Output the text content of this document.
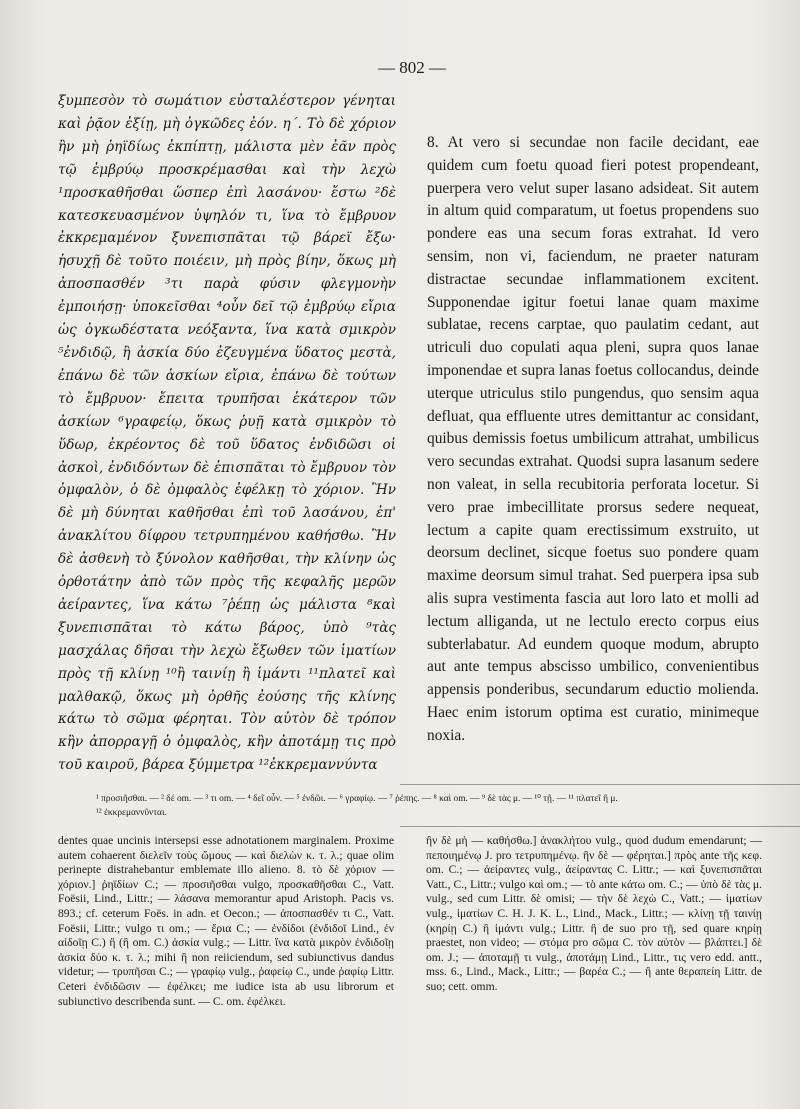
— 802 —

ξυμπεσὸν τὸ σωμάτιον εὐσταλέστερον γένηται καὶ ῥᾷον ἐξίῃ, μὴ ὀγκῶδες ἐόν. η΄. Τὸ δὲ χόριον ἢν μὴ ῥηϊδίως ἐκπίπτῃ, μάλιστα μὲν ἐᾶν πρὸς τῷ ἐμβρύῳ προσκρέμασθαι καὶ τὴν λεχὼ ¹προσκαθῆσθαι ὥσπερ ἐπὶ λασάνου· ἔστω ²δὲ κατεσκευασμένον ὑψηλόν τι, ἵνα τὸ ἔμβρυον ἐκκρεμαμένον ξυνεπισπᾶται τῷ βάρεϊ ἔξω· ἡσυχῇ δὲ τοῦτο ποιέειν, μὴ πρὸς βίην, ὅκως μὴ ἀποσπασθέν ³τι παρὰ φύσιν φλεγμονὴν ἐμποιήσῃ· ὑποκεῖσθαι ⁴οὖν δεῖ τῷ ἐμβρύῳ εἴρια ὡς ὀγκωδέστατα νεόξαντα, ἵνα κατὰ σμικρὸν ⁵ἐνδιδῷ, ἢ ἀσκία δύο ἐζευγμένα ὕδατος μεστὰ, ἐπάνω δὲ τῶν ἀσκίων εἴρια, ἐπάνω δὲ τούτων τὸ ἔμβρυον· ἔπειτα τρυπῆσαι ἑκάτερον τῶν ἀσκίων ⁶γραφείῳ, ὅκως ῥυῇ κατὰ σμικρὸν τὸ ὕδωρ, ἐκρέοντος δὲ τοῦ ὕδατος ἐνδιδῶσι οἱ ἀσκοὶ, ἐνδιδόντων δὲ ἐπισπᾶται τὸ ἔμβρυον τὸν ὀμφαλὸν, ὁ δὲ ὀμφαλὸς ἐφέλκῃ τὸ χόριον. Ἢν δὲ μὴ δύνηται καθῆσθαι ἐπὶ τοῦ λασάνου, ἐπ' ἀνακλίτου δίφρου τετρυπημένου καθήσθω. Ἢν δὲ ἀσθενὴ τὸ ξύνολον καθῆσθαι, τὴν κλίνην ὡς ὀρθοτάτην ἀπὸ τῶν πρὸς τῆς κεφαλῆς μερῶν ἀείραντες, ἵνα κάτω ⁷ῥέπῃ ὡς μάλιστα ⁸καὶ ξυνεπισπᾶται τὸ κάτω βάρος, ὑπὸ ⁹τὰς μασχάλας δῆσαι τὴν λεχὼ ἔξωθεν τῶν ἱματίων πρὸς τῇ κλίνῃ ¹⁰ἢ ταινίῃ ἢ ἱμάντι ¹¹πλατεῖ καὶ μαλθακῷ, ὅκως μὴ ὀρθῆς ἐούσης τῆς κλίνης κάτω τὸ σῶμα φέρηται. Τὸν αὐτὸν δὲ τρόπον κἢν ἀπορραγῇ ὁ ὀμφαλὸς, κἢν ἀποτάμῃ τις πρὸ τοῦ καιροῦ, βάρεα ξύμμετρα ¹²ἐκκρεμαννύντα

8. At vero si secundae non facile decidant, eae quidem cum foetu quoad fieri potest propendeant, puerpera vero velut super lasano adsideat. Sit autem in altum quid comparatum, ut foetus propendens suo pondere eas una secum foras extrahat. Id vero sensim, non vi, faciendum, ne praeter naturam distractae secundae inflammationem excitent. Supponendae igitur foetui lanae quam maxime sublatae, recens carptae, quo paulatim cedant, aut utriculi duo copulati aqua pleni, supra quos lanae imponendae et supra lanas foetus collocandus, deinde uterque utriculus stilo pungendus, quo sensim aqua defluat, qua effluente utres demittantur ac considant, quibus demissis foetus umbilicum attrahat, umbilicus vero secundas extrahat. Quodsi supra lasanum sedere non valeat, in sella recubitoria perforata locetur. Si vero prae imbecillitate prorsus sedere nequeat, lectum a capite quam erectissimum exstruito, ut deorsum declinet, sicque foetus suo pondere quam maxime deorsum simul trahat. Sed puerpera ipsa sub alis supra vestimenta fascia aut loro lato et molli ad lectum alliganda, ut ne lectulo erecto corpus eius subterlabatur. Ad eundem quoque modum, abrupto aut ante tempus abscisso umbilico, convenientibus appensis ponderibus, secundarum eductio molienda. Haec enim istorum optima est curatio, minimeque noxia.

¹ προσιῆσθαι. — ² δέ om. — ³ τι om. — ⁴ δεῖ οὖν. — ⁵ ἐνδῶι. — ⁶ γραφίῳ. — ⁷ ῥέπης. — ⁸ καὶ om. — ⁹ δὲ τὰς μ. — ¹⁰ τῇ. — ¹¹ πλατεῖ ἢ μ.

¹² ἐκκρεμαννῦνται.

dentes quae uncinis intersepsi esse adnotationem marginalem. Proxime autem cohaerent διελεῖν τοὺς ὤμους — καὶ διελὼν κ. τ. λ.; quae olim perinepte distrahebantur emblemate illo alieno. 8. τὸ δὲ χόριον — χόριον.] ῥηϊδίων C.; — προσιῆσθαι vulgo, προσκαθῆσθαι C., Vatt. Foësii, Lind., Littr.; — λάσανα memorantur apud Aristoph. Pacis vs. 893.; cf. ceterum Foës. in adn. et Oecon.; — ἀποσπασθέν τι C., Vatt. Foësii, Littr.; vulgo τι om.; — ἔρια C.; — ἐνδίδοι (ἐνδιδοῖ Lind., ἐν αἰδοῖῃ C.) ἢ (ἢ om. C.) ἀσκία vulg.; — Littr. ἵνα κατὰ μικρὸν ἐνδιδοῖῃ ἀσκία δύο κ. τ. λ.; mihi ἢ non reiiciendum, sed subiunctivus dandus videtur; — τρυπῆσαι C.; — γραφίῳ vulg., ῥαφείῳ C., unde ῥαφίῳ Littr. Ceteri ἐνδιδῶσιν — ἐφέλκει; me iudice ista ab usu librorum et subiunctivo describenda sunt. — C. om. ἐφέλκει.

ἢν δὲ μὴ — καθήσθω.] ἀνακλήτου vulg., quod dudum emendarunt; — πεποιημένῳ J. pro τετρυπημένῳ. ἢν δὲ — φέρηται.] πρὸς ante τῆς κεφ. om. C.; — ἀείραντες vulg., ἀείραντας C. Littr.; — καὶ ξυνεπισπᾶται Vatt., C., Littr.; vulgo καὶ om.; — τὸ ante κάτω om. C.; — ὑπὸ δὲ τὰς μ. vulg., sed cum Littr. δὲ omisi; — τὴν δὲ λεχὼ C., Vatt.; — ἱματίων vulg., ἱματίων C. H. J. K. L., Lind., Mack., Littr.; — κλίνῃ τῇ ταινίῃ (κηρίῃ C.) ἢ ἱμάντι vulg.; Littr. ἢ de suo pro τῇ, sed quare κηρίῃ praestet, non video; — στόμα pro σῶμα C. τὸν αὐτὸν — βλάπτει.] δὲ om. J.; — ἀποταμῇ τι vulg., ἀποτάμῃ Lind., Littr., τις vero edd. antt., mss. 6., Lind., Mack., Littr.; — βαρέα C.; — ἢ ante θεραπείη Littr. de suo; cett. omm.
